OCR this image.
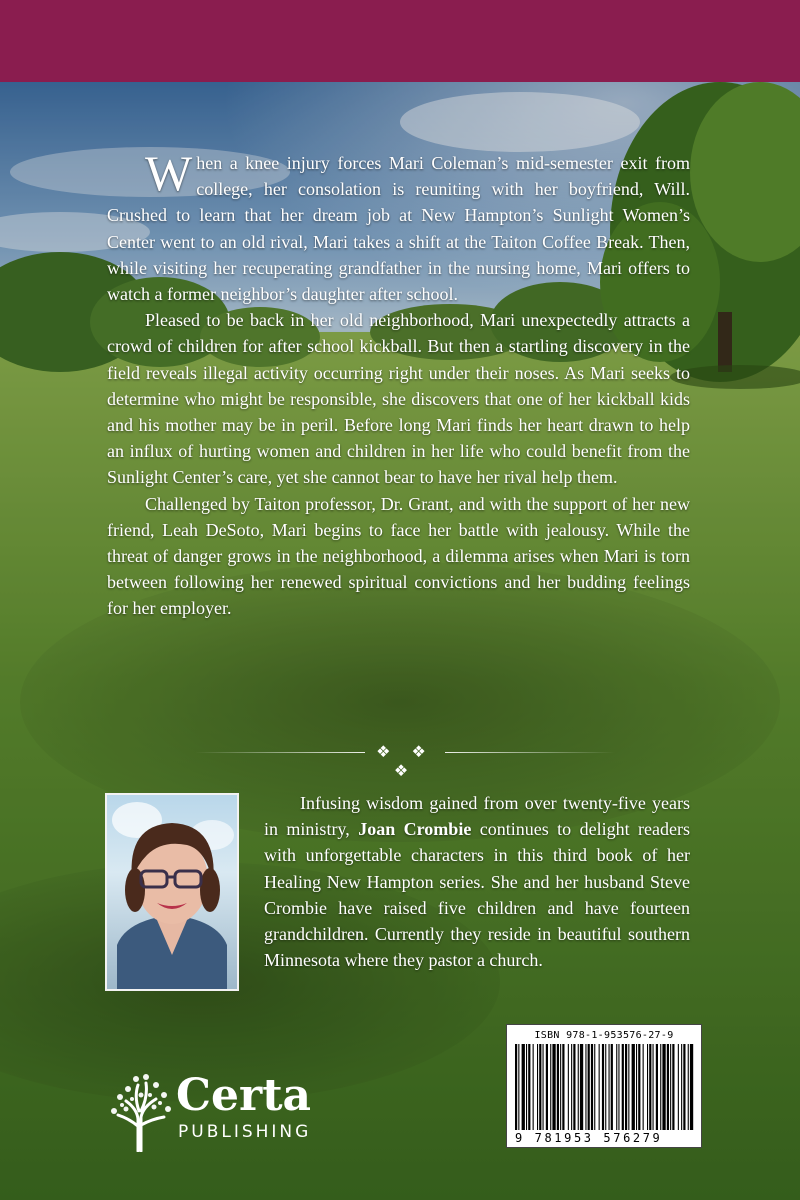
When a knee injury forces Mari Coleman’s mid-semester exit from college, her consolation is reuniting with her boyfriend, Will. Crushed to learn that her dream job at New Hampton’s Sunlight Women’s Center went to an old rival, Mari takes a shift at the Taiton Coffee Break. Then, while visiting her recuperating grandfather in the nursing home, Mari offers to watch a former neighbor’s daughter after school.

Pleased to be back in her old neighborhood, Mari unexpectedly attracts a crowd of children for after school kickball. But then a startling discovery in the field reveals illegal activity occurring right under their noses. As Mari seeks to determine who might be responsible, she discovers that one of her kickball kids and his mother may be in peril. Before long Mari finds her heart drawn to help an influx of hurting women and children in her life who could benefit from the Sunlight Center’s care, yet she cannot bear to have her rival help them.

Challenged by Taiton professor, Dr. Grant, and with the support of her new friend, Leah DeSoto, Mari begins to face her battle with jealousy. While the threat of danger grows in the neighborhood, a dilemma arises when Mari is torn between following her renewed spiritual convictions and her budding feelings for her employer.

❖ ❖ ❖

Infusing wisdom gained from over twenty-five years in ministry, Joan Crombie continues to delight readers with unforgettable characters in this third book of her Healing New Hampton series. She and her husband Steve Crombie have raised five children and have fourteen grandchildren. Currently they reside in beautiful southern Minnesota where they pastor a church.

ISBN 978-1-953576-27-9
9 781953 576279
Certa
PUBLISHING
